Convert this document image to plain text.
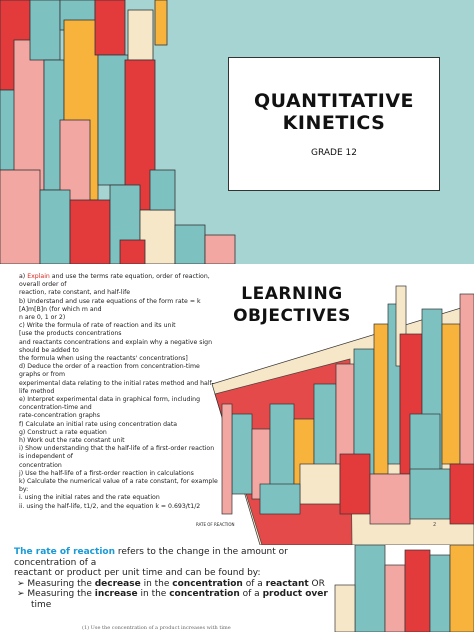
QUANTITATIVE
KINETICS
GRADE 12
LEARNING
OBJECTIVES
a) Explain and use the terms rate equation, order of reaction, overall order of
reaction, rate constant, and half-life
b) Understand and use rate equations of the form rate = k [A]m[B]n (for which m and
n are 0, 1 or 2)
c) Write the formula of rate of reaction and its unit
[use the products concentrations
and reactants concentrations and explain why a negative sign should be added to
the formula when using the reactants' concentrations]
d) Deduce the order of a reaction from concentration-time graphs or from
experimental data relating to the initial rates method and half-life method
e) Interpret experimental data in graphical form, including concentration-time and
rate-concentration graphs
f) Calculate an initial rate using concentration data
g) Construct a rate equation
h) Work out the rate constant unit
i) Show understanding that the half-life of a first-order reaction is independent of
concentration
j) Use the half-life of a first-order reaction in calculations
k) Calculate the numerical value of a rate constant, for example by:
i. using the initial rates and the rate equation
ii. using the half-life, t1/2, and the equation k = 0.693/t1/2
RATE OF REACTION	2
The rate of reaction refers to the change in the amount or concentration of a
reactant or product per unit time and can be found by:
➢ Measuring the decrease in the concentration of a reactant OR
➢ Measuring the increase in the concentration of a product over time
(1) Use the concentration of a product increases with time
